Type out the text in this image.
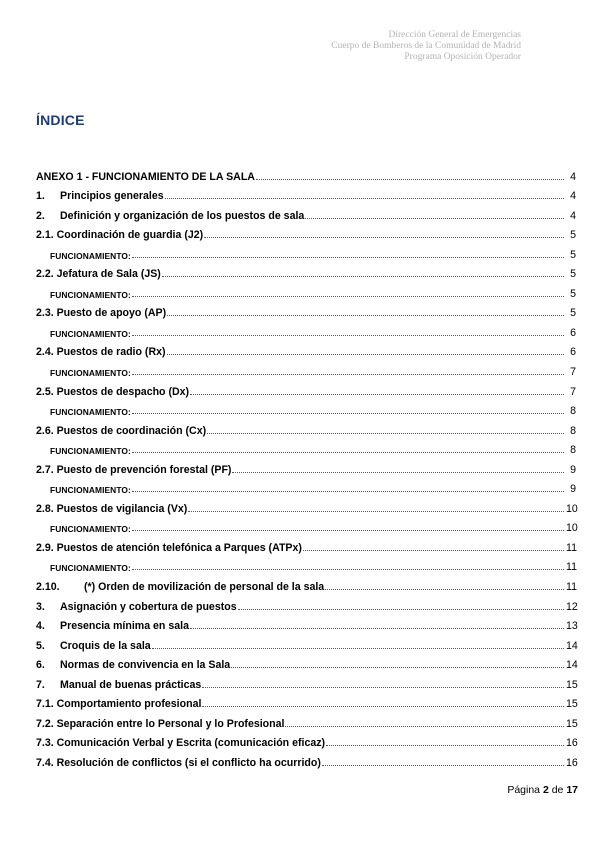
Dirección General de Emergencias
Cuerpo de Bomberos de la Comunidad de Madrid
Programa Oposición Operador
ÍNDICE
ANEXO 1 - FUNCIONAMIENTO DE LA SALA	4
1. Principios generales	4
2. Definición y organización de los puestos de sala	4
2.1. Coordinación de guardia (J2)	5
FUNCIONAMIENTO:	5
2.2. Jefatura de Sala (JS)	5
FUNCIONAMIENTO:	5
2.3. Puesto de apoyo (AP)	5
FUNCIONAMIENTO:	6
2.4. Puestos de radio (Rx)	6
FUNCIONAMIENTO:	7
2.5. Puestos de despacho (Dx)	7
FUNCIONAMIENTO:	8
2.6. Puestos de coordinación (Cx)	8
FUNCIONAMIENTO:	8
2.7. Puesto de prevención forestal (PF)	9
FUNCIONAMIENTO:	9
2.8. Puestos de vigilancia (Vx)	10
FUNCIONAMIENTO:	10
2.9. Puestos de atención telefónica a Parques (ATPx)	11
FUNCIONAMIENTO:	11
2.10. (*) Orden de movilización de personal de la sala	11
3. Asignación y cobertura de puestos	12
4. Presencia mínima en sala	13
5. Croquis de la sala	14
6. Normas de convivencia en la Sala	14
7. Manual de buenas prácticas	15
7.1. Comportamiento profesional	15
7.2. Separación entre lo Personal y lo Profesional	15
7.3. Comunicación Verbal y Escrita (comunicación eficaz)	16
7.4. Resolución de conflictos (si el conflicto ha ocurrido)	16
Página 2 de 17
